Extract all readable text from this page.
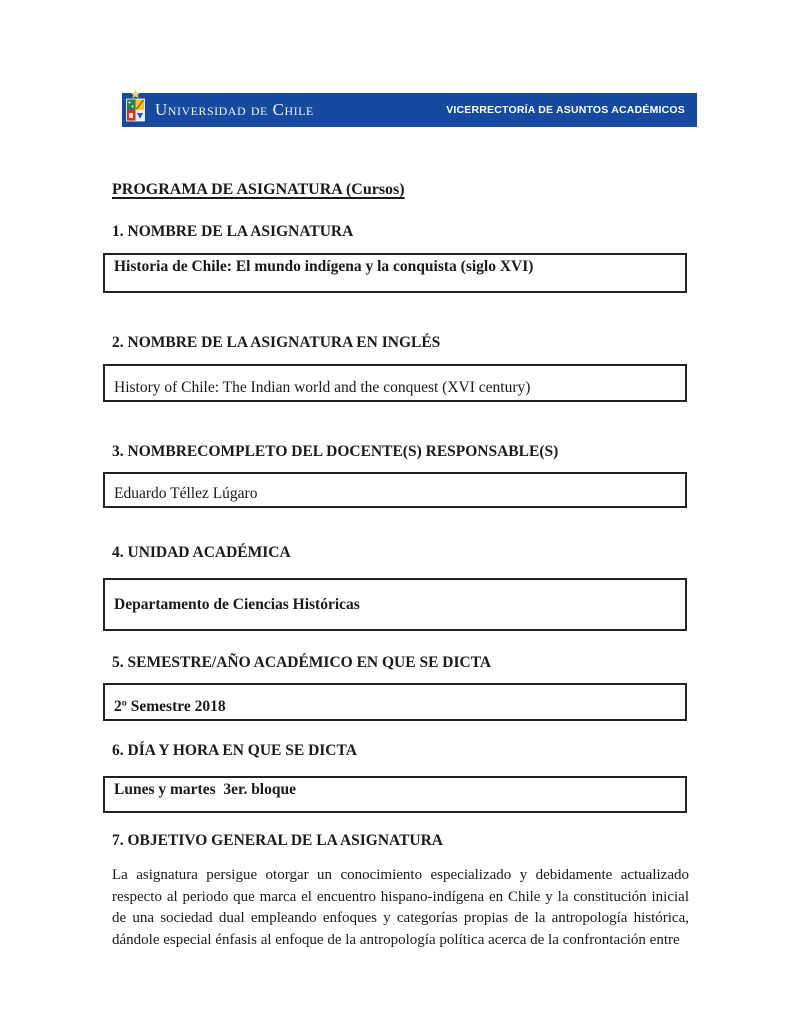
Universidad de Chile	VICERRECTORÍA DE ASUNTOS ACADÉMICOS
PROGRAMA DE ASIGNATURA (Cursos)
1. NOMBRE DE LA ASIGNATURA
Historia de Chile: El mundo indígena y la conquista (siglo XVI)
2. NOMBRE DE LA ASIGNATURA EN INGLÉS
History of Chile: The Indian world and the conquest (XVI century)
3. NOMBRECOMPLETO DEL DOCENTE(S) RESPONSABLE(S)
Eduardo Téllez Lúgaro
4. UNIDAD ACADÉMICA
Departamento de Ciencias Históricas
5. SEMESTRE/AÑO ACADÉMICO EN QUE SE DICTA
2º Semestre 2018
6. DÍA Y HORA EN QUE SE DICTA
Lunes y martes  3er. bloque
7. OBJETIVO GENERAL DE LA ASIGNATURA

La asignatura persigue otorgar un conocimiento especializado y debidamente actualizado respecto al periodo que marca el encuentro hispano-indígena en Chile y la constitución inicial de una sociedad dual empleando enfoques y categorías propias de la antropología histórica, dándole especial énfasis al enfoque de la antropología política acerca de la confrontación entre
